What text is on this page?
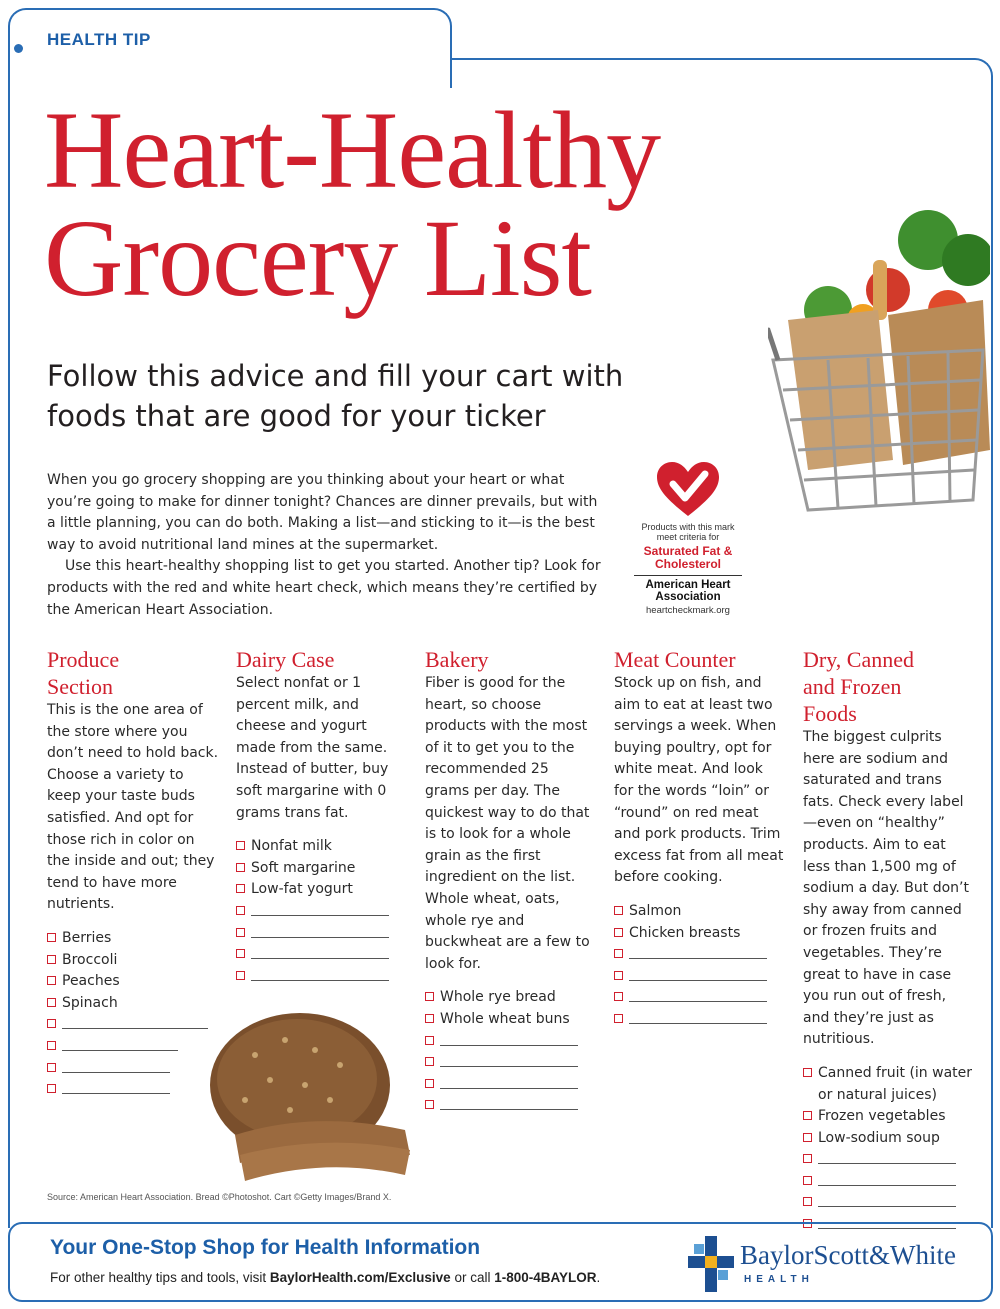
HEALTH TIP
Heart-Healthy
Grocery List

Follow this advice and fill your cart with
foods that are good for your ticker

When you go grocery shopping are you thinking about your heart or what you’re going to make for dinner tonight? Chances are dinner prevails, but with a little planning, you can do both. Making a list—and sticking to it—is the best way to avoid nutritional land mines at the supermarket.

Use this heart-healthy shopping list to get you started. Another tip? Look for products with the red and white heart check, which means they’re certified by the American Heart Association.

Products with this mark
meet criteria for
Saturated Fat &
Cholesterol
American Heart
Association
heartcheckmark.org
Produce
Section
This is the one area of the store where you don’t need to hold back. Choose a variety to keep your taste buds satisfied. And opt for those rich in color on the inside and out; they tend to have more nutrients.
Berries
Broccoli
Peaches
Spinach
Dairy Case
Select nonfat or 1 percent milk, and cheese and yogurt made from the same. Instead of butter, buy soft margarine with 0 grams trans fat.
Nonfat milk
Soft margarine
Low-fat yogurt
Bakery
Fiber is good for the heart, so choose products with the most of it to get you to the recommended 25 grams per day. The quickest way to do that is to look for a whole grain as the first ingredient on the list. Whole wheat, oats, whole rye and buckwheat are a few to look for.
Whole rye bread
Whole wheat buns
Meat Counter
Stock up on fish, and aim to eat at least two servings a week. When buying poultry, opt for white meat. And look for the words “loin” or “round” on red meat and pork products. Trim excess fat from all meat before cooking.
Salmon
Chicken breasts
Dry, Canned
and Frozen
Foods
The biggest culprits here are sodium and saturated and trans fats. Check every label—even on “healthy” products. Aim to eat less than 1,500 mg of sodium a day. But don’t shy away from canned or frozen fruits and vegetables. They’re great to have in case you run out of fresh, and they’re just as nutritious.
Canned fruit (in water or natural juices)
Frozen vegetables
Low-sodium soup
Source: American Heart Association. Bread ©Photoshot. Cart ©Getty Images/Brand X.
Your One-Stop Shop for Health Information
For other healthy tips and tools, visit BaylorHealth.com/Exclusive or call 1-800-4BAYLOR.
BaylorScott&White
HEALTH
